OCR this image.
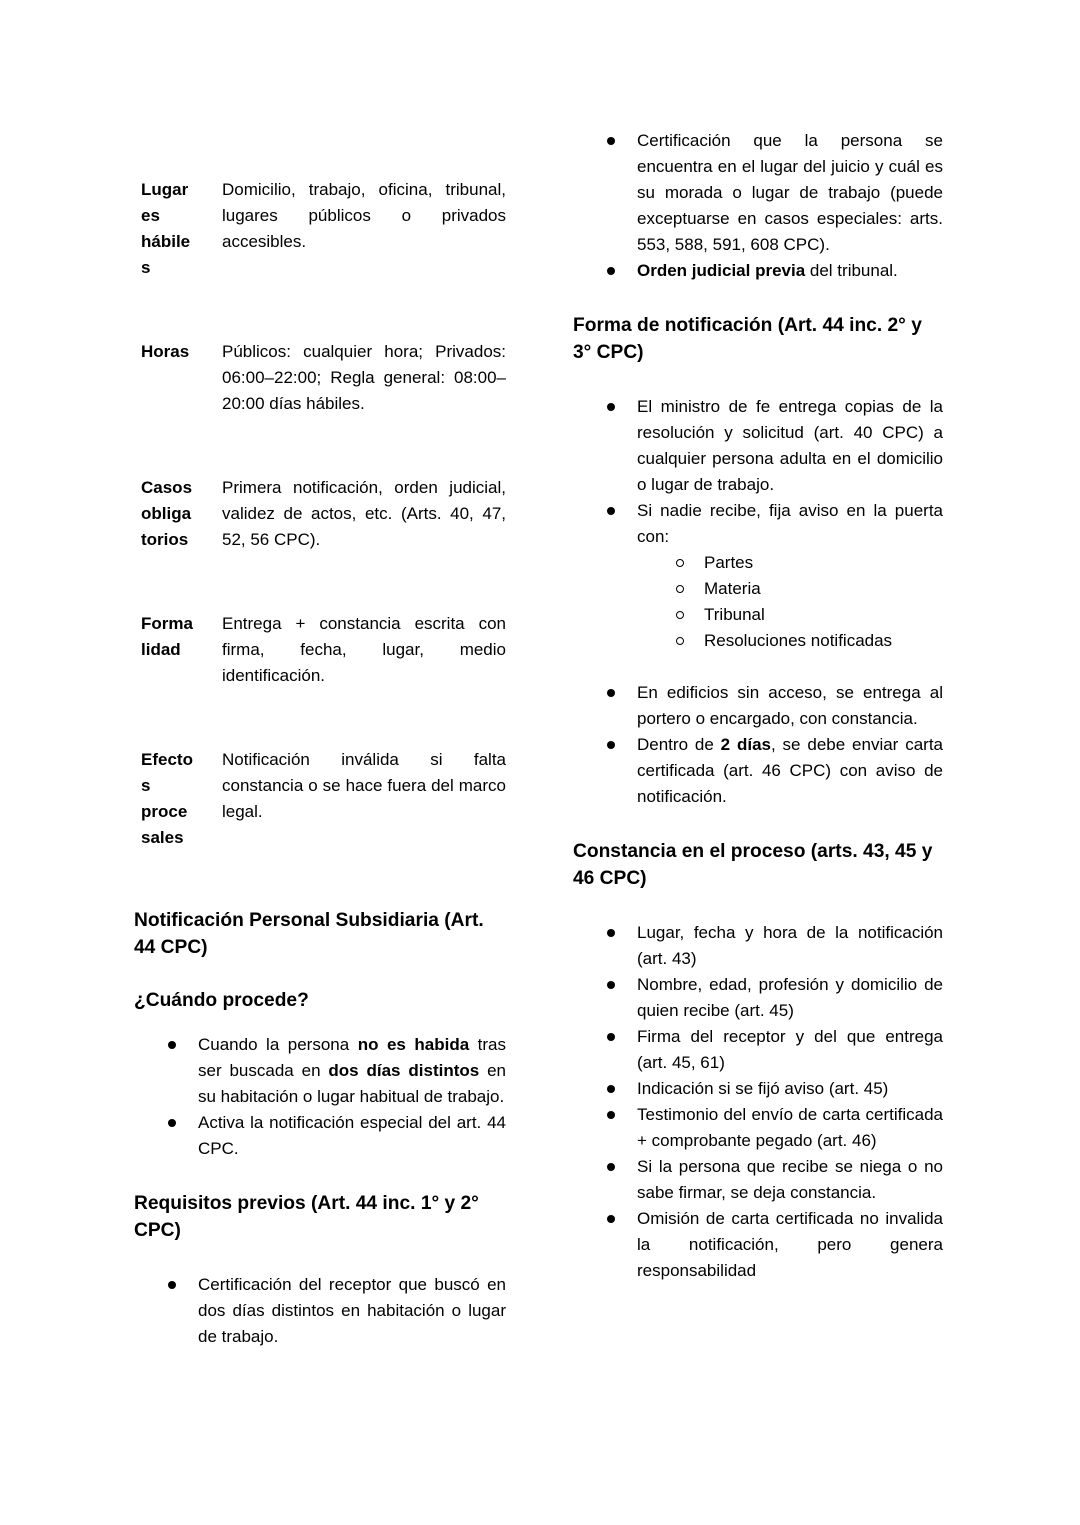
Lugar
es
hábile
s
Domicilio, trabajo, oficina, tribunal, lugares públicos o privados accesibles.
Horas	Públicos: cualquier hora; Privados: 06:00–22:00; Regla general: 08:00–20:00 días hábiles.
Casos
obliga
torios
Primera notificación, orden judicial, validez de actos, etc. (Arts. 40, 47, 52, 56 CPC).
Forma
lidad
Entrega + constancia escrita con firma, fecha, lugar, medio identificación.
Efecto
s
proce
sales
Notificación inválida si falta constancia o se hace fuera del marco legal.
Notificación Personal Subsidiaria (Art. 44 CPC)
¿Cuándo procede?
Cuando la persona no es habida tras ser buscada en dos días distintos en su habitación o lugar habitual de trabajo.
Activa la notificación especial del art. 44 CPC.
Requisitos previos (Art. 44 inc. 1° y 2° CPC)
Certificación del receptor que buscó en dos días distintos en habitación o lugar de trabajo.
Certificación que la persona se encuentra en el lugar del juicio y cuál es su morada o lugar de trabajo (puede exceptuarse en casos especiales: arts. 553, 588, 591, 608 CPC).
Orden judicial previa del tribunal.
Forma de notificación (Art. 44 inc. 2° y 3° CPC)
El ministro de fe entrega copias de la resolución y solicitud (art. 40 CPC) a cualquier persona adulta en el domicilio o lugar de trabajo.
Si nadie recibe, fija aviso en la puerta con:
Partes
Materia
Tribunal
Resoluciones notificadas
En edificios sin acceso, se entrega al portero o encargado, con constancia.
Dentro de 2 días, se debe enviar carta certificada (art. 46 CPC) con aviso de notificación.
Constancia en el proceso (arts. 43, 45 y 46 CPC)
Lugar, fecha y hora de la notificación (art. 43)
Nombre, edad, profesión y domicilio de quien recibe (art. 45)
Firma del receptor y del que entrega (art. 45, 61)
Indicación si se fijó aviso (art. 45)
Testimonio del envío de carta certificada + comprobante pegado (art. 46)
Si la persona que recibe se niega o no sabe firmar, se deja constancia.
Omisión de carta certificada no invalida la notificación, pero genera responsabilidad
